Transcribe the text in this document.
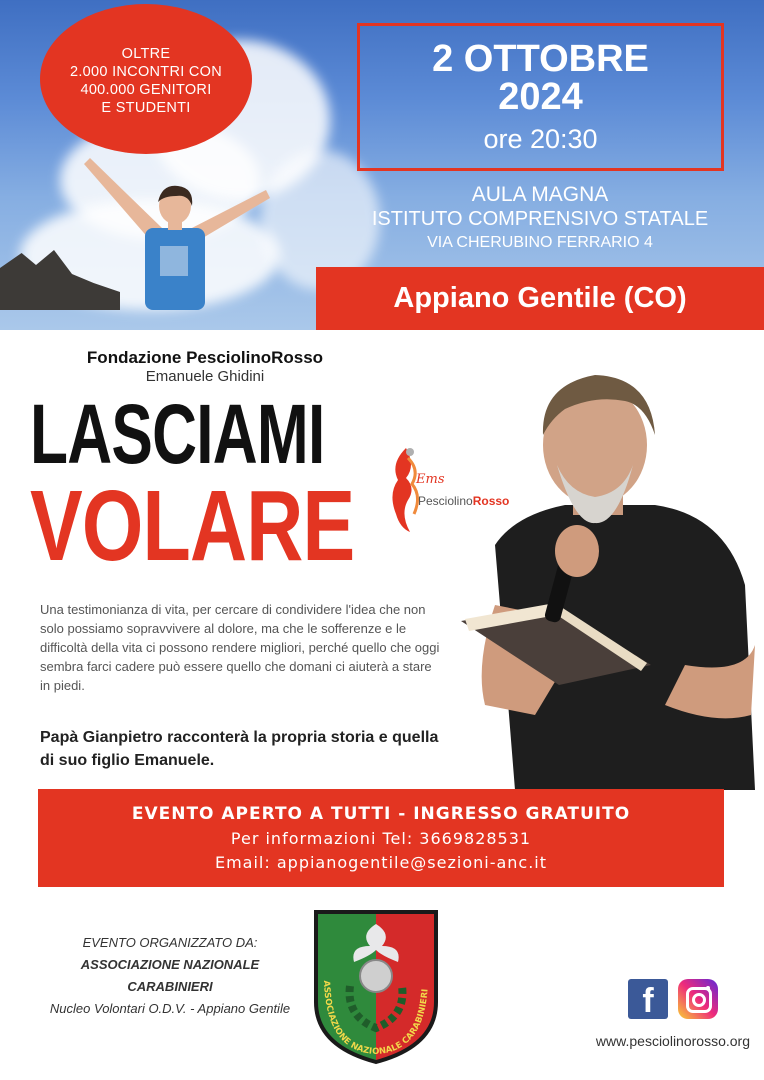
OLTRE
2.000 INCONTRI CON
400.000 GENITORI
E STUDENTI
2 OTTOBRE
2024
ore 20:30
AULA MAGNA
ISTITUTO COMPRENSIVO STATALE
VIA CHERUBINO FERRARIO 4
Appiano Gentile (CO)
Fondazione PesciolinoRosso
Emanuele Ghidini
LASCIAMI
VOLARE	Ems
PesciolinoRosso

Una testimonianza di vita, per cercare di condividere l'idea che non solo possiamo sopravvivere al dolore, ma che le sofferenze e le difficoltà della vita ci possono rendere migliori, perché quello che oggi sembra farci cadere può essere quello che domani ci aiuterà a stare in piedi.

Papà Gianpietro racconterà la propria storia e quella di suo figlio Emanuele.

EVENTO APERTO A TUTTI - INGRESSO GRATUITO
Per informazioni Tel: 3669828531
Email: appianogentile@sezioni-anc.it
EVENTO ORGANIZZATO DA:
ASSOCIAZIONE NAZIONALE CARABINIERI
Nucleo Volontari O.D.V. - Appiano Gentile
ASSOCIAZIONE NAZIONALE CARABINIERI	f
www.pesciolinorosso.org
